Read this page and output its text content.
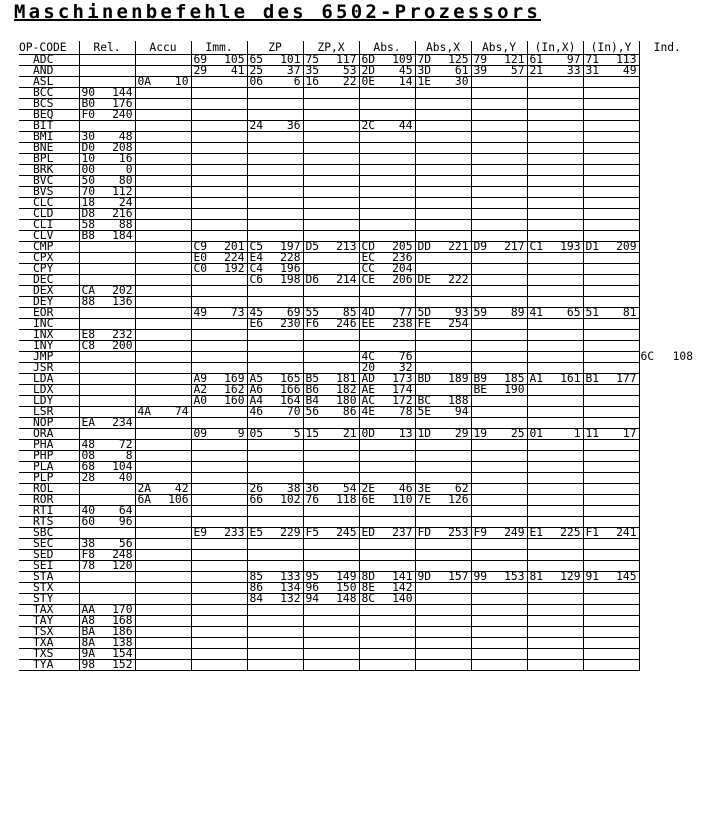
Maschinenbefehle des 6502-Prozessors
OP-CODE	Rel.	Accu	Imm.	ZP	ZP,X	Abs.	Abs,X	Abs,Y	(In,X)	(In),Y	Ind.
ADC			69 105	65 101	75 117	6D 109	7D 125	79 121	61 97	71 113	

AND			29 41	25 37	35 53	2D 45	3D 61	39 57	21 33	31 49	

ASL		0A 10		06 6	16 22	0E 14	1E 30				

BCC	90 144										

BCS	B0 176										

BEQ	F0 240										

BIT				24 36		2C 44					

BMI	30 48										

BNE	D0 208										

BPL	10 16										

BRK	00 0										

BVC	50 80										

BVS	70 112										

CLC	18 24										

CLD	D8 216										

CLI	58 88										

CLV	B8 184										

CMP			C9 201	C5 197	D5 213	CD 205	DD 221	D9 217	C1 193	D1 209	

CPX			E0 224	E4 228		EC 236					

CPY			C0 192	C4 196		CC 204					

DEC				C6 198	D6 214	CE 206	DE 222				

DEX	CA 202										

DEY	88 136										

EOR			49 73	45 69	55 85	4D 77	5D 93	59 89	41 65	51 81	

INC				E6 230	F6 246	EE 238	FE 254				

INX	E8 232										

INY	C8 200										

JMP						4C 76					6C 108

JSR						20 32					

LDA			A9 169	A5 165	B5 181	AD 173	BD 189	B9 185	A1 161	B1 177	

LDX			A2 162	A6 166	B6 182	AE 174		BE 190			

LDY			A0 160	A4 164	B4 180	AC 172	BC 188				

LSR		4A 74		46 70	56 86	4E 78	5E 94				

NOP	EA 234										

ORA			09 9	05 5	15 21	0D 13	1D 29	19 25	01 1	11 17	

PHA	48 72										

PHP	08 8										

PLA	68 104										

PLP	28 40										

ROL		2A 42		26 38	36 54	2E 46	3E 62				

ROR		6A 106		66 102	76 118	6E 110	7E 126				

RTI	40 64										

RTS	60 96										

SBC			E9 233	E5 229	F5 245	ED 237	FD 253	F9 249	E1 225	F1 241	

SEC	38 56										

SED	F8 248										

SEI	78 120										

STA				85 133	95 149	8D 141	9D 157	99 153	81 129	91 145	

STX				86 134	96 150	8E 142					

STY				84 132	94 148	8C 140					

TAX	AA 170										

TAY	A8 168										

TSX	BA 186										

TXA	8A 138										

TXS	9A 154										

TYA	98 152										
